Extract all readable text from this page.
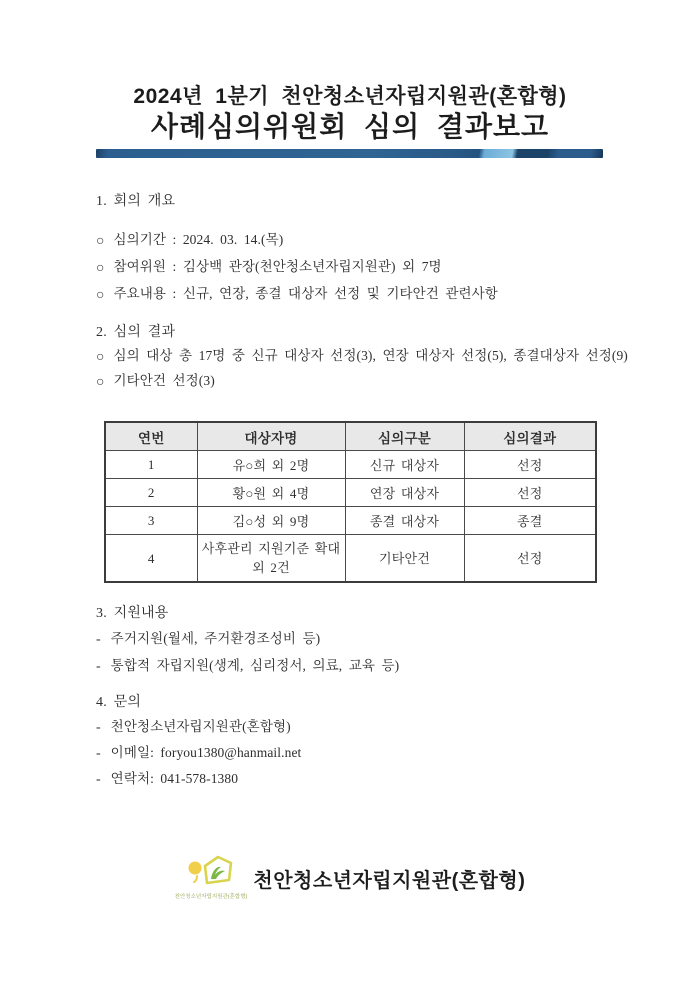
2024년 1분기 천안청소년자립지원관(혼합형)
사례심의위원회 심의 결과보고
1. 회의 개요
○ 심의기간 : 2024. 03. 14.(목)
○ 참여위원 : 김상백 관장(천안청소년자립지원관) 외 7명
○ 주요내용 : 신규, 연장, 종결 대상자 선정 및 기타안건 관련사항
2. 심의 결과
○ 심의 대상 총 17명 중 신규 대상자 선정(3), 연장 대상자 선정(5), 종결대상자 선정(9)
○ 기타안건 선정(3)
연번	대상자명	심의구분	심의결과
1	유○희 외 2명	신규 대상자	선정
2	황○원 외 4명	연장 대상자	선정
3	김○성 외 9명	종결 대상자	종결
4	사후관리 지원기준 확대 외 2건	기타안건	선정
3. 지원내용
- 주거지원(월세, 주거환경조성비 등)
- 통합적 자립지원(생계, 심리정서, 의료, 교육 등)
4. 문의
- 천안청소년자립지원관(혼합형)
- 이메일: foryou1380@hanmail.net
- 연락처: 041-578-1380
천안청소년자립지원관(혼합형)
천안청소년자립지원관(혼합형)
